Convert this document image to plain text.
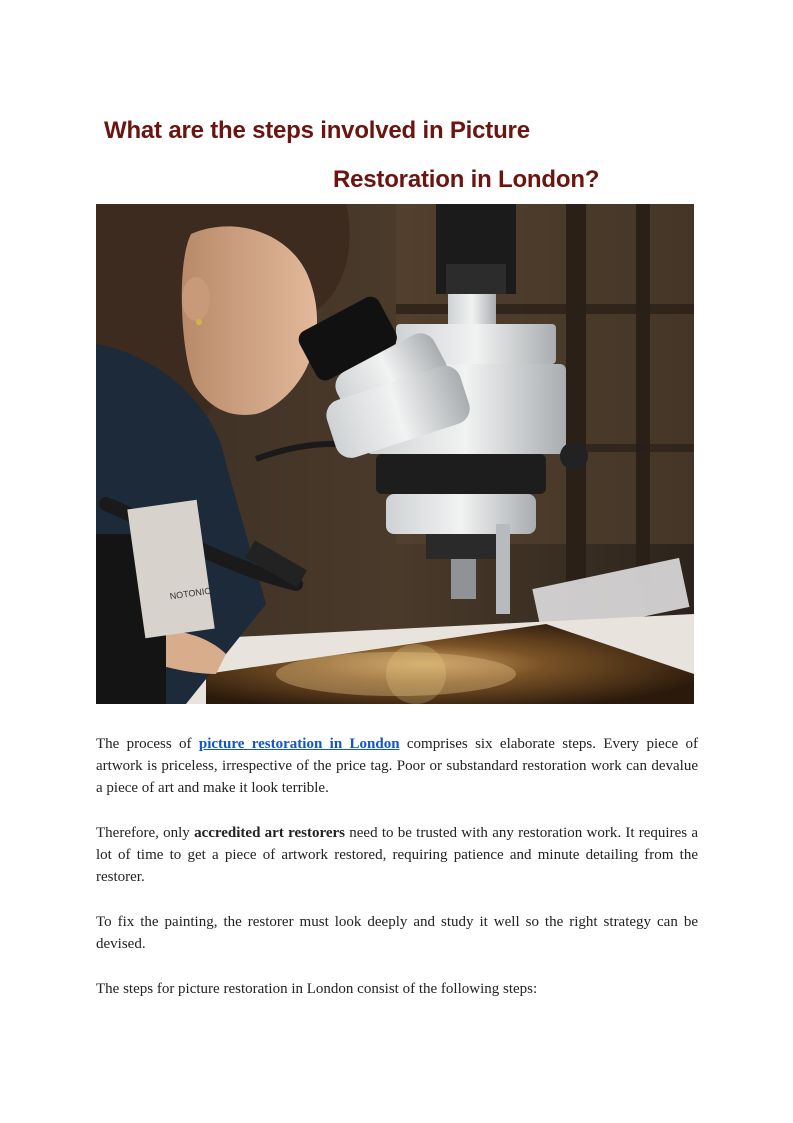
What are the steps involved in Picture
Restoration in London?
NOTONIC

The process of picture restoration in London comprises six elaborate steps. Every piece of artwork is priceless, irrespective of the price tag. Poor or substandard restoration work can devalue a piece of art and make it look terrible.

Therefore, only accredited art restorers need to be trusted with any restoration work. It requires a lot of time to get a piece of artwork restored, requiring patience and minute detailing from the restorer.

To fix the painting, the restorer must look deeply and study it well so the right strategy can be devised.

The steps for picture restoration in London consist of the following steps:
